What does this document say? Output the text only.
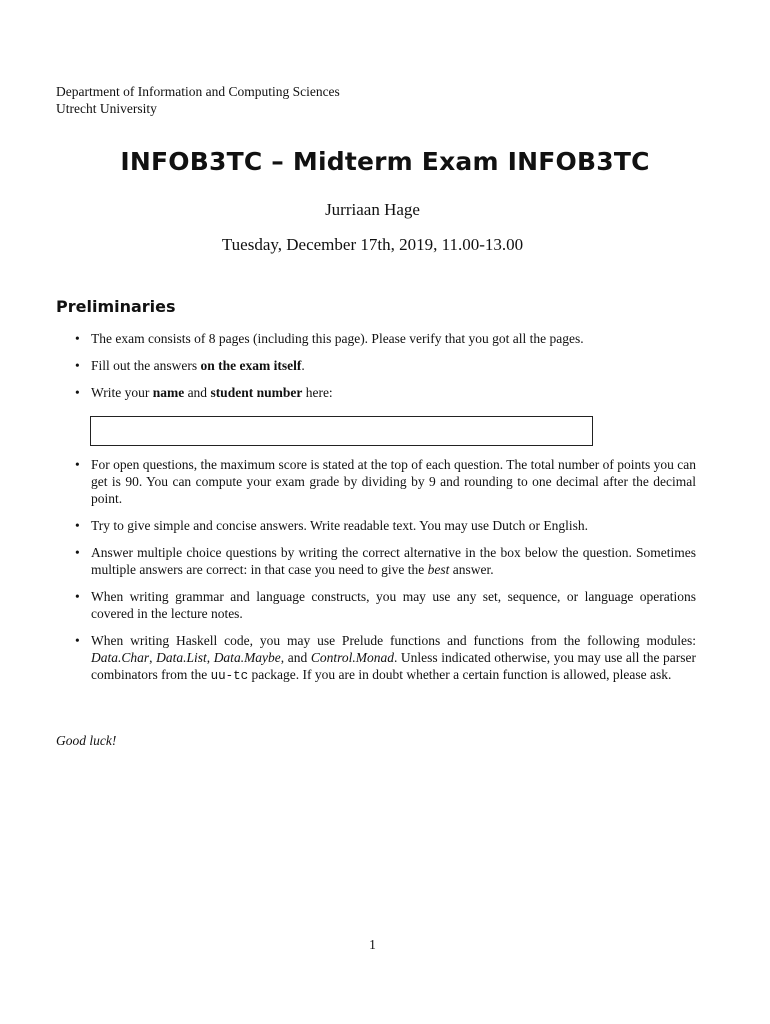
Department of Information and Computing Sciences
Utrecht University
INFOB3TC – Midterm Exam INFOB3TC
Jurriaan Hage
Tuesday, December 17th, 2019, 11.00-13.00
Preliminaries
• The exam consists of 8 pages (including this page). Please verify that you got all the pages.
• Fill out the answers on the exam itself.
• Write your name and student number here:
• For open questions, the maximum score is stated at the top of each question. The total number of points you can get is 90. You can compute your exam grade by dividing by 9 and rounding to one decimal after the decimal point.
• Try to give simple and concise answers. Write readable text. You may use Dutch or English.
• Answer multiple choice questions by writing the correct alternative in the box below the question. Sometimes multiple answers are correct: in that case you need to give the best answer.
• When writing grammar and language constructs, you may use any set, sequence, or language operations covered in the lecture notes.
• When writing Haskell code, you may use Prelude functions and functions from the following modules: Data.Char, Data.List, Data.Maybe, and Control.Monad. Unless indicated otherwise, you may use all the parser combinators from the uu-tc package. If you are in doubt whether a certain function is allowed, please ask.
Good luck!
1
